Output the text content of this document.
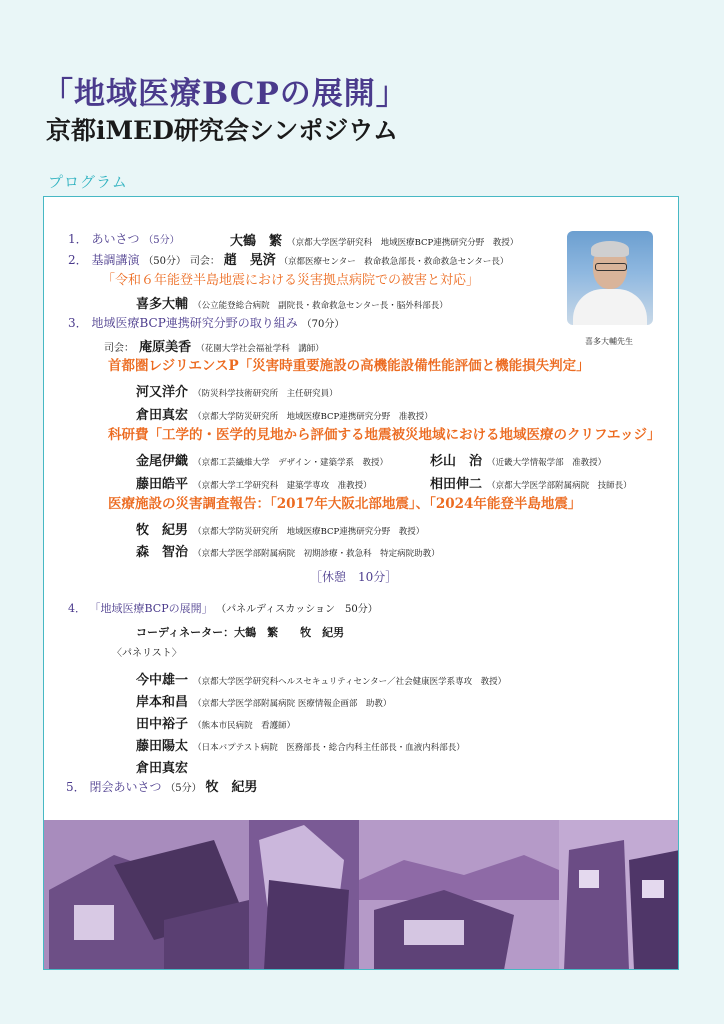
「地域医療BCPの展開」
京都iMED研究会シンポジウム
プログラム
1． あいさつ （5分）	大鶴　繁 （京都大学医学研究科　地域医療BCP連携研究分野　教授）
2． 基調講演 （50分） 司会： 趙　晃済 （京都医療センター　救命救急部長・救命救急センター長）
「令和６年能登半島地震における災害拠点病院での被害と対応」
喜多大輔 （公立能登総合病院　副院長・救命救急センター長・脳外科部長）
喜多大輔先生
3． 地域医療BCP連携研究分野の取り組み （70分）
司会： 庵原美香 （花園大学社会福祉学科　講師）
首都圏レジリエンスP「災害時重要施設の高機能設備性能評価と機能損失判定」
河又洋介 （防災科学技術研究所　主任研究員）
倉田真宏 （京都大学防災研究所　地域医療BCP連携研究分野　准教授）
科研費「工学的・医学的見地から評価する地震被災地域における地域医療のクリフエッジ」
金尾伊織 （京都工芸繊維大学　デザイン・建築学系　教授）	杉山　治 （近畿大学情報学部　准教授）
藤田皓平 （京都大学工学研究科　建築学専攻　准教授）	相田伸二 （京都大学医学部附属病院　技師長）
医療施設の災害調査報告：「2017年大阪北部地震」、「2024年能登半島地震」
牧　紀男 （京都大学防災研究所　地域医療BCP連携研究分野　教授）
森　智治 （京都大学医学部附属病院　初期診療・救急科　特定病院助教）
［休憩　10分］
4． 「地域医療BCPの展開」 （パネルディスカッション　50分）
コーディネーター：大鶴　繁　　牧　紀男
〈パネリスト〉
今中雄一 （京都大学医学研究科ヘルスセキュリティセンター／社会健康医学系専攻　教授）
岸本和昌 （京都大学医学部附属病院 医療情報企画部　助教）
田中裕子 （熊本市民病院　看護師）
藤田陽太 （日本バプテスト病院　医務部長・総合内科主任部長・血液内科部長）
倉田真宏
5． 閉会あいさつ （5分） 牧　紀男
